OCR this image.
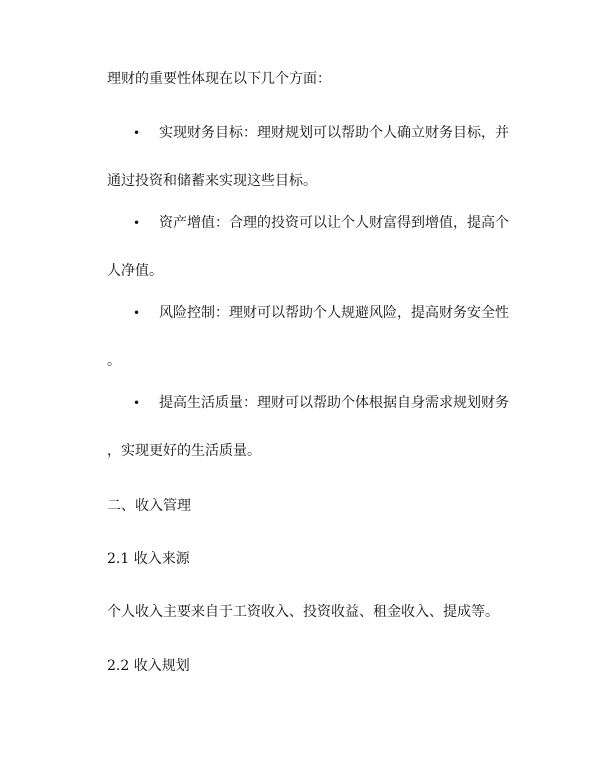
理财的重要性体现在以下几个方面：

• 实现财务目标：理财规划可以帮助个人确立财务目标，并
通过投资和储蓄来实现这些目标。
• 资产增值：合理的投资可以让个人财富得到增值，提高个
人净值。
• 风险控制：理财可以帮助个人规避风险，提高财务安全性
。
• 提高生活质量：理财可以帮助个体根据自身需求规划财务
，实现更好的生活质量。

二、收入管理

2.1 收入来源

个人收入主要来自于工资收入、投资收益、租金收入、提成等。

2.2 收入规划
